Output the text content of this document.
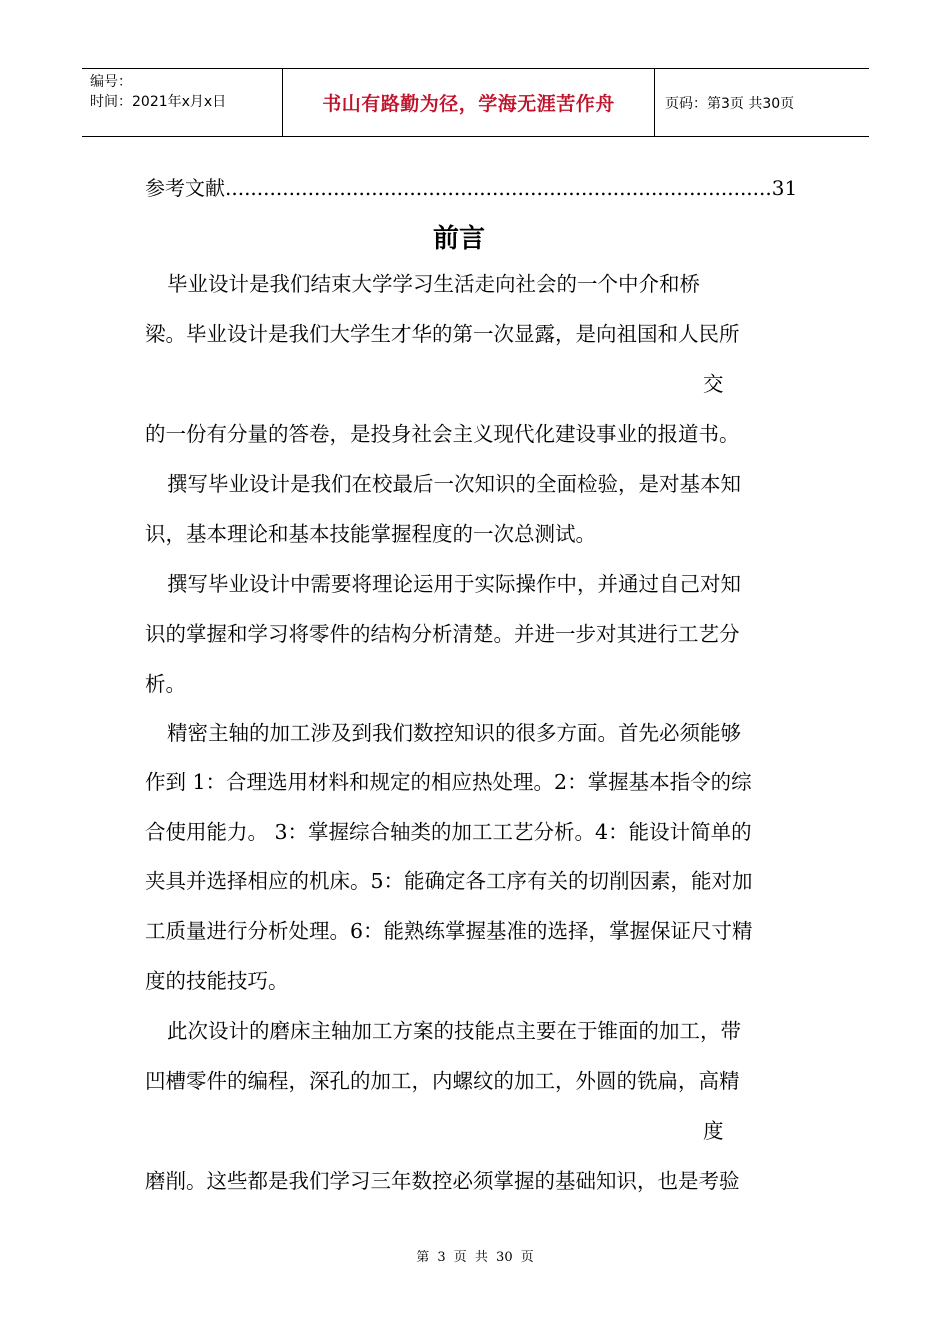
编号：
时间：2021年x月x日	书山有路勤为径，学海无涯苦作舟	页码：第3页 共30页
参考文献......................................................................................31
前言
毕业设计是我们结束大学学习生活走向社会的一个中介和桥
梁。毕业设计是我们大学生才华的第一次显露，是向祖国和人民所
交
的一份有分量的答卷，是投身社会主义现代化建设事业的报道书。
撰写毕业设计是我们在校最后一次知识的全面检验，是对基本知
识，基本理论和基本技能掌握程度的一次总测试。
撰写毕业设计中需要将理论运用于实际操作中，并通过自己对知
识的掌握和学习将零件的结构分析清楚。并进一步对其进行工艺分
析。
精密主轴的加工涉及到我们数控知识的很多方面。首先必须能够
作到 1：合理选用材料和规定的相应热处理。2：掌握基本指令的综
合使用能力。 3：掌握综合轴类的加工工艺分析。4：能设计简单的
夹具并选择相应的机床。5：能确定各工序有关的切削因素，能对加
工质量进行分析处理。6：能熟练掌握基准的选择，掌握保证尺寸精
度的技能技巧。
此次设计的磨床主轴加工方案的技能点主要在于锥面的加工，带
凹槽零件的编程，深孔的加工，内螺纹的加工，外圆的铣扁，高精
度
磨削。这些都是我们学习三年数控必须掌握的基础知识，也是考验
第 3 页 共 30 页
